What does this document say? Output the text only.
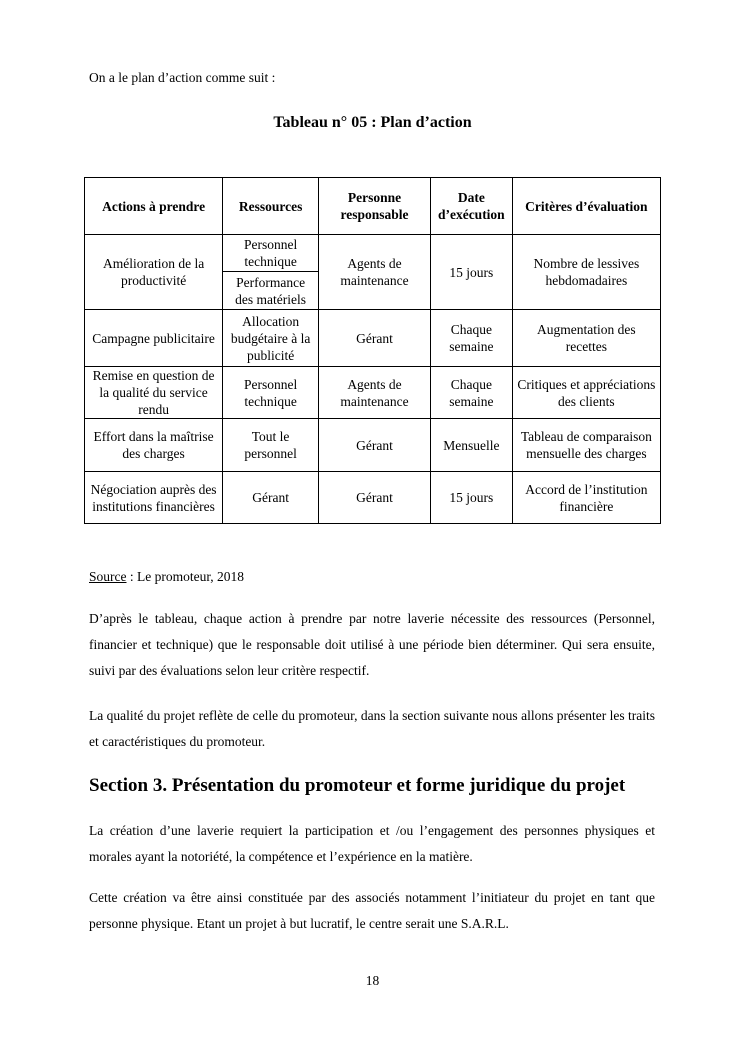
On a le plan d’action comme suit :
Tableau n° 05 : Plan d’action
Actions à prendre	Ressources	Personne responsable	Date d’exécution	Critères d’évaluation
Amélioration de la productivité	Personnel technique	Agents de maintenance	15 jours	Nombre de lessives hebdomadaires
	Performance des matériels			
Campagne publicitaire	Allocation budgétaire à la publicité	Gérant	Chaque semaine	Augmentation des recettes
Remise en question de la qualité du service rendu	Personnel technique	Agents de maintenance	Chaque semaine	Critiques et appréciations des clients
Effort dans la maîtrise des charges	Tout le personnel	Gérant	Mensuelle	Tableau de comparaison mensuelle des charges
Négociation auprès des institutions financières	Gérant	Gérant	15 jours	Accord de l’institution financière
Source : Le promoteur, 2018
D’après le tableau, chaque action à prendre par notre laverie nécessite des ressources (Personnel, financier et technique) que le responsable doit utilisé à une période bien déterminer. Qui sera ensuite, suivi par des évaluations selon leur critère respectif.
La qualité du projet reflète de celle du promoteur, dans la section suivante nous allons présenter les traits et caractéristiques du promoteur.
Section 3. Présentation du promoteur et forme juridique du projet
La création d’une laverie requiert la participation et /ou l’engagement des personnes physiques et morales ayant la notoriété, la compétence et l’expérience en la matière.
Cette création va être ainsi constituée par des associés notamment l’initiateur du projet en tant que personne physique. Etant un projet à but lucratif, le centre serait une S.A.R.L.
18
